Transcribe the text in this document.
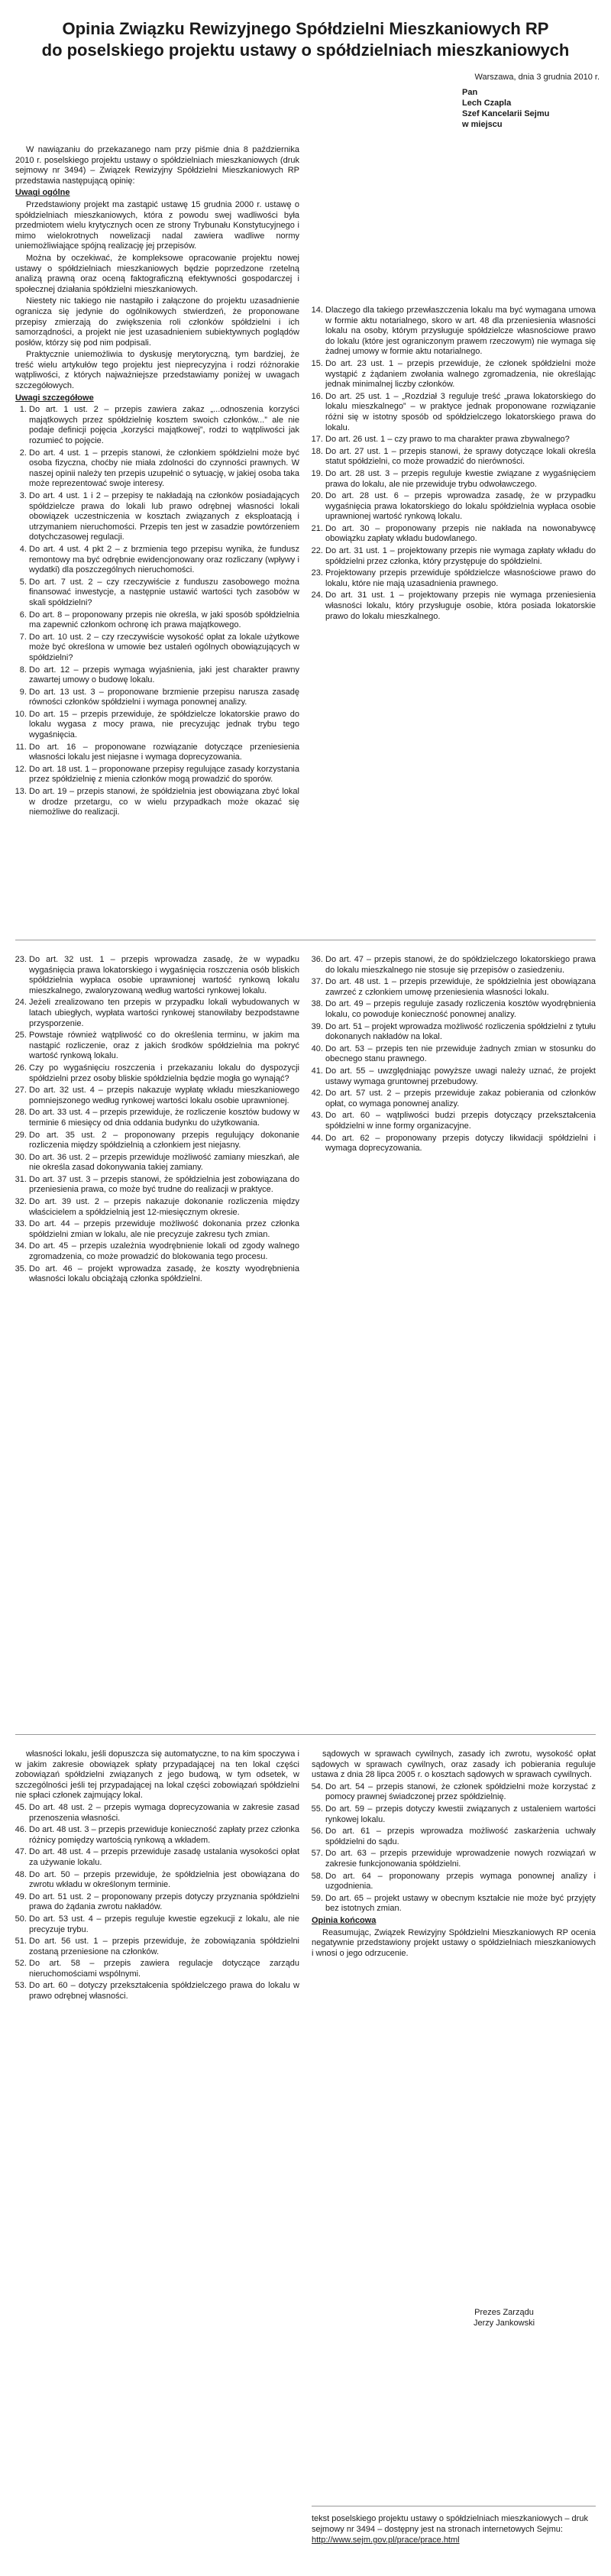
Opinia Związku Rewizyjnego Spółdzielni Mieszkaniowych RP
do poselskiego projektu ustawy o spółdzielniach mieszkaniowych
Warszawa, dnia 3 grudnia 2010 r.
Pan
Lech Czapla
Szef Kancelarii Sejmu
w miejscu

W nawiązaniu do przekazanego nam przy piśmie dnia 8 października 2010 r. poselskiego projektu ustawy o spółdzielniach mieszkaniowych (druk sejmowy nr 3494) – Związek Rewizyjny Spółdzielni Mieszkaniowych RP przedstawia następującą opinię:

Uwagi ogólne

Przedstawiony projekt ma zastąpić ustawę 15 grudnia 2000 r. ustawę o spółdzielniach mieszkaniowych, która z powodu swej wadliwości była przedmiotem wielu krytycznych ocen ze strony Trybunału Konstytucyjnego i mimo wielokrotnych nowelizacji nadal zawiera wadliwe normy uniemożliwiające spójną realizację jej przepisów.

Można by oczekiwać, że kompleksowe opracowanie projektu nowej ustawy o spółdzielniach mieszkaniowych będzie poprzedzone rzetelną analizą prawną oraz oceną faktograficzną efektywności gospodarczej i społecznej działania spółdzielni mieszkaniowych.

Niestety nic takiego nie nastąpiło i załączone do projektu uzasadnienie ogranicza się jedynie do ogólnikowych stwierdzeń, że proponowane przepisy zmierzają do zwiększenia roli członków spółdzielni i ich samorządności, a projekt nie jest uzasadnieniem subiektywnych poglądów posłów, którzy się pod nim podpisali.

Praktycznie uniemożliwia to dyskusję merytoryczną, tym bardziej, że treść wielu artykułów tego projektu jest nieprecyzyjna i rodzi różnorakie wątpliwości, z których najważniejsze przedstawiamy poniżej w uwagach szczegółowych.

Uwagi szczegółowe

1. Do art. 1 ust. 2 – przepis zawiera zakaz „...odnoszenia korzyści majątkowych przez spółdzielnię kosztem swoich członków...” ale nie podaje definicji pojęcia „korzyści majątkowej”, rodzi to wątpliwości jak rozumieć to pojęcie.
2. Do art. 4 ust. 1 – przepis stanowi, że członkiem spółdzielni może być osoba fizyczna, choćby nie miała zdolności do czynności prawnych. W naszej opinii należy ten przepis uzupełnić o sytuację, w jakiej osoba taka może reprezentować swoje interesy.
3. Do art. 4 ust. 1 i 2 – przepisy te nakładają na członków posiadających spółdzielcze prawa do lokali lub prawo odrębnej własności lokali obowiązek uczestniczenia w kosztach związanych z eksploatacją i utrzymaniem nieruchomości. Przepis ten jest w zasadzie powtórzeniem dotychczasowej regulacji.
4. Do art. 4 ust. 4 pkt 2 – z brzmienia tego przepisu wynika, że fundusz remontowy ma być odrębnie ewidencjonowany oraz rozliczany (wpływy i wydatki) dla poszczególnych nieruchomości.
5. Do art. 7 ust. 2 – czy rzeczywiście z funduszu zasobowego można finansować inwestycje, a następnie ustawić wartości tych zasobów w skali spółdzielni?
6. Do art. 8 – proponowany przepis nie określa, w jaki sposób spółdzielnia ma zapewnić członkom ochronę ich prawa majątkowego.
7. Do art. 10 ust. 2 – czy rzeczywiście wysokość opłat za lokale użytkowe może być określona w umowie bez ustaleń ogólnych obowiązujących w spółdzielni?
8. Do art. 12 – przepis wymaga wyjaśnienia, jaki jest charakter prawny zawartej umowy o budowę lokalu.
9. Do art. 13 ust. 3 – proponowane brzmienie przepisu narusza zasadę równości członków spółdzielni i wymaga ponownej analizy.
10. Do art. 15 – przepis przewiduje, że spółdzielcze lokatorskie prawo do lokalu wygasa z mocy prawa, nie precyzując jednak trybu tego wygaśnięcia.
11. Do art. 16 – proponowane rozwiązanie dotyczące przeniesienia własności lokalu jest niejasne i wymaga doprecyzowania.
12. Do art. 18 ust. 1 – proponowane przepisy regulujące zasady korzystania przez spółdzielnię z mienia członków mogą prowadzić do sporów.
13. Do art. 19 – przepis stanowi, że spółdzielnia jest obowiązana zbyć lokal w drodze przetargu, co w wielu przypadkach może okazać się niemożliwe do realizacji.
14. Dlaczego dla takiego przewłaszczenia lokalu ma być wymagana umowa w formie aktu notarialnego, skoro w art. 48 dla przeniesienia własności lokalu na osoby, którym przysługuje spółdzielcze własnościowe prawo do lokalu (które jest ograniczonym prawem rzeczowym) nie wymaga się żadnej umowy w formie aktu notarialnego.
15. Do art. 23 ust. 1 – przepis przewiduje, że członek spółdzielni może wystąpić z żądaniem zwołania walnego zgromadzenia, nie określając jednak minimalnej liczby członków.
16. Do art. 25 ust. 1 – „Rozdział 3 reguluje treść „prawa lokatorskiego do lokalu mieszkalnego” – w praktyce jednak proponowane rozwiązanie różni się w istotny sposób od spółdzielczego lokatorskiego prawa do lokalu.
17. Do art. 26 ust. 1 – czy prawo to ma charakter prawa zbywalnego?
18. Do art. 27 ust. 1 – przepis stanowi, że sprawy dotyczące lokali określa statut spółdzielni, co może prowadzić do nierówności.
19. Do art. 28 ust. 3 – przepis reguluje kwestie związane z wygaśnięciem prawa do lokalu, ale nie przewiduje trybu odwoławczego.
20. Do art. 28 ust. 6 – przepis wprowadza zasadę, że w przypadku wygaśnięcia prawa lokatorskiego do lokalu spółdzielnia wypłaca osobie uprawnionej wartość rynkową lokalu.
21. Do art. 30 – proponowany przepis nie nakłada na nowonabywcę obowiązku zapłaty wkładu budowlanego.
22. Do art. 31 ust. 1 – projektowany przepis nie wymaga zapłaty wkładu do spółdzielni przez członka, który przystępuje do spółdzielni.
23. Projektowany przepis przewiduje spółdzielcze własnościowe prawo do lokalu, które nie mają uzasadnienia prawnego.
24. Do art. 31 ust. 1 – projektowany przepis nie wymaga przeniesienia własności lokalu, który przysługuje osobie, która posiada lokatorskie prawo do lokalu mieszkalnego.
23. Do art. 32 ust. 1 – przepis wprowadza zasadę, że w wypadku wygaśnięcia prawa lokatorskiego i wygaśnięcia roszczenia osób bliskich spółdzielnia wypłaca osobie uprawnionej wartość rynkową lokalu mieszkalnego, zwaloryzowaną według wartości rynkowej lokalu.
24. Jeżeli zrealizowano ten przepis w przypadku lokali wybudowanych w latach ubiegłych, wypłata wartości rynkowej stanowiłaby bezpodstawne przysporzenie.
25. Powstaje również wątpliwość co do określenia terminu, w jakim ma nastąpić rozliczenie, oraz z jakich środków spółdzielnia ma pokryć wartość rynkową lokalu.
26. Czy po wygaśnięciu roszczenia i przekazaniu lokalu do dyspozycji spółdzielni przez osoby bliskie spółdzielnia będzie mogła go wynająć?
27. Do art. 32 ust. 4 – przepis nakazuje wypłatę wkładu mieszkaniowego pomniejszonego według rynkowej wartości lokalu osobie uprawnionej.
28. Do art. 33 ust. 4 – przepis przewiduje, że rozliczenie kosztów budowy w terminie 6 miesięcy od dnia oddania budynku do użytkowania.
29. Do art. 35 ust. 2 – proponowany przepis regulujący dokonanie rozliczenia między spółdzielnią a członkiem jest niejasny.
30. Do art. 36 ust. 2 – przepis przewiduje możliwość zamiany mieszkań, ale nie określa zasad dokonywania takiej zamiany.
31. Do art. 37 ust. 3 – przepis stanowi, że spółdzielnia jest zobowiązana do przeniesienia prawa, co może być trudne do realizacji w praktyce.
32. Do art. 39 ust. 2 – przepis nakazuje dokonanie rozliczenia między właścicielem a spółdzielnią jest 12-miesięcznym okresie.
33. Do art. 44 – przepis przewiduje możliwość dokonania przez członka spółdzielni zmian w lokalu, ale nie precyzuje zakresu tych zmian.
34. Do art. 45 – przepis uzależnia wyodrębnienie lokali od zgody walnego zgromadzenia, co może prowadzić do blokowania tego procesu.
35. Do art. 46 – projekt wprowadza zasadę, że koszty wyodrębnienia własności lokalu obciążają członka spółdzielni.
36. Do art. 47 – przepis stanowi, że do spółdzielczego lokatorskiego prawa do lokalu mieszkalnego nie stosuje się przepisów o zasiedzeniu.
37. Do art. 48 ust. 1 – przepis przewiduje, że spółdzielnia jest obowiązana zawrzeć z członkiem umowę przeniesienia własności lokalu.
38. Do art. 49 – przepis reguluje zasady rozliczenia kosztów wyodrębnienia lokalu, co powoduje konieczność ponownej analizy.
39. Do art. 51 – projekt wprowadza możliwość rozliczenia spółdzielni z tytułu dokonanych nakładów na lokal.
40. Do art. 53 – przepis ten nie przewiduje żadnych zmian w stosunku do obecnego stanu prawnego.
41. Do art. 55 – uwzględniając powyższe uwagi należy uznać, że projekt ustawy wymaga gruntownej przebudowy.
42. Do art. 57 ust. 2 – przepis przewiduje zakaz pobierania od członków opłat, co wymaga ponownej analizy.
43. Do art. 60 – wątpliwości budzi przepis dotyczący przekształcenia spółdzielni w inne formy organizacyjne.
44. Do art. 62 – proponowany przepis dotyczy likwidacji spółdzielni i wymaga doprecyzowania.

własności lokalu, jeśli dopuszcza się automatyczne, to na kim spoczywa i w jakim zakresie obowiązek spłaty przypadającej na ten lokal części zobowiązań spółdzielni związanych z jego budową, w tym odsetek, w szczególności jeśli tej przypadającej na lokal części zobowiązań spółdzielni nie spłaci członek zajmujący lokal.

45. Do art. 48 ust. 2 – przepis wymaga doprecyzowania w zakresie zasad przenoszenia własności.
46. Do art. 48 ust. 3 – przepis przewiduje konieczność zapłaty przez członka różnicy pomiędzy wartością rynkową a wkładem.
47. Do art. 48 ust. 4 – przepis przewiduje zasadę ustalania wysokości opłat za używanie lokalu.
48. Do art. 50 – przepis przewiduje, że spółdzielnia jest obowiązana do zwrotu wkładu w określonym terminie.
49. Do art. 51 ust. 2 – proponowany przepis dotyczy przyznania spółdzielni prawa do żądania zwrotu nakładów.
50. Do art. 53 ust. 4 – przepis reguluje kwestie egzekucji z lokalu, ale nie precyzuje trybu.
51. Do art. 56 ust. 1 – przepis przewiduje, że zobowiązania spółdzielni zostaną przeniesione na członków.
52. Do art. 58 – przepis zawiera regulacje dotyczące zarządu nieruchomościami wspólnymi.
53. Do art. 60 – dotyczy przekształcenia spółdzielczego prawa do lokalu w prawo odrębnej własności.

sądowych w sprawach cywilnych, zasady ich zwrotu, wysokość opłat sądowych w sprawach cywilnych, oraz zasady ich pobierania reguluje ustawa z dnia 28 lipca 2005 r. o kosztach sądowych w sprawach cywilnych.

54. Do art. 54 – przepis stanowi, że członek spółdzielni może korzystać z pomocy prawnej świadczonej przez spółdzielnię.
55. Do art. 59 – przepis dotyczy kwestii związanych z ustaleniem wartości rynkowej lokalu.
56. Do art. 61 – przepis wprowadza możliwość zaskarżenia uchwały spółdzielni do sądu.
57. Do art. 63 – przepis przewiduje wprowadzenie nowych rozwiązań w zakresie funkcjonowania spółdzielni.
58. Do art. 64 – proponowany przepis wymaga ponownej analizy i uzgodnienia.
59. Do art. 65 – projekt ustawy w obecnym kształcie nie może być przyjęty bez istotnych zmian.

Opinia końcowa

Reasumując, Związek Rewizyjny Spółdzielni Mieszkaniowych RP ocenia negatywnie przedstawiony projekt ustawy o spółdzielniach mieszkaniowych i wnosi o jego odrzucenie.

Prezes Zarządu
Jerzy Jankowski
tekst poselskiego projektu ustawy o spółdzielniach mieszkaniowych – druk sejmowy nr 3494 – dostępny jest na stronach internetowych Sejmu: http://www.sejm.gov.pl/prace/prace.html
